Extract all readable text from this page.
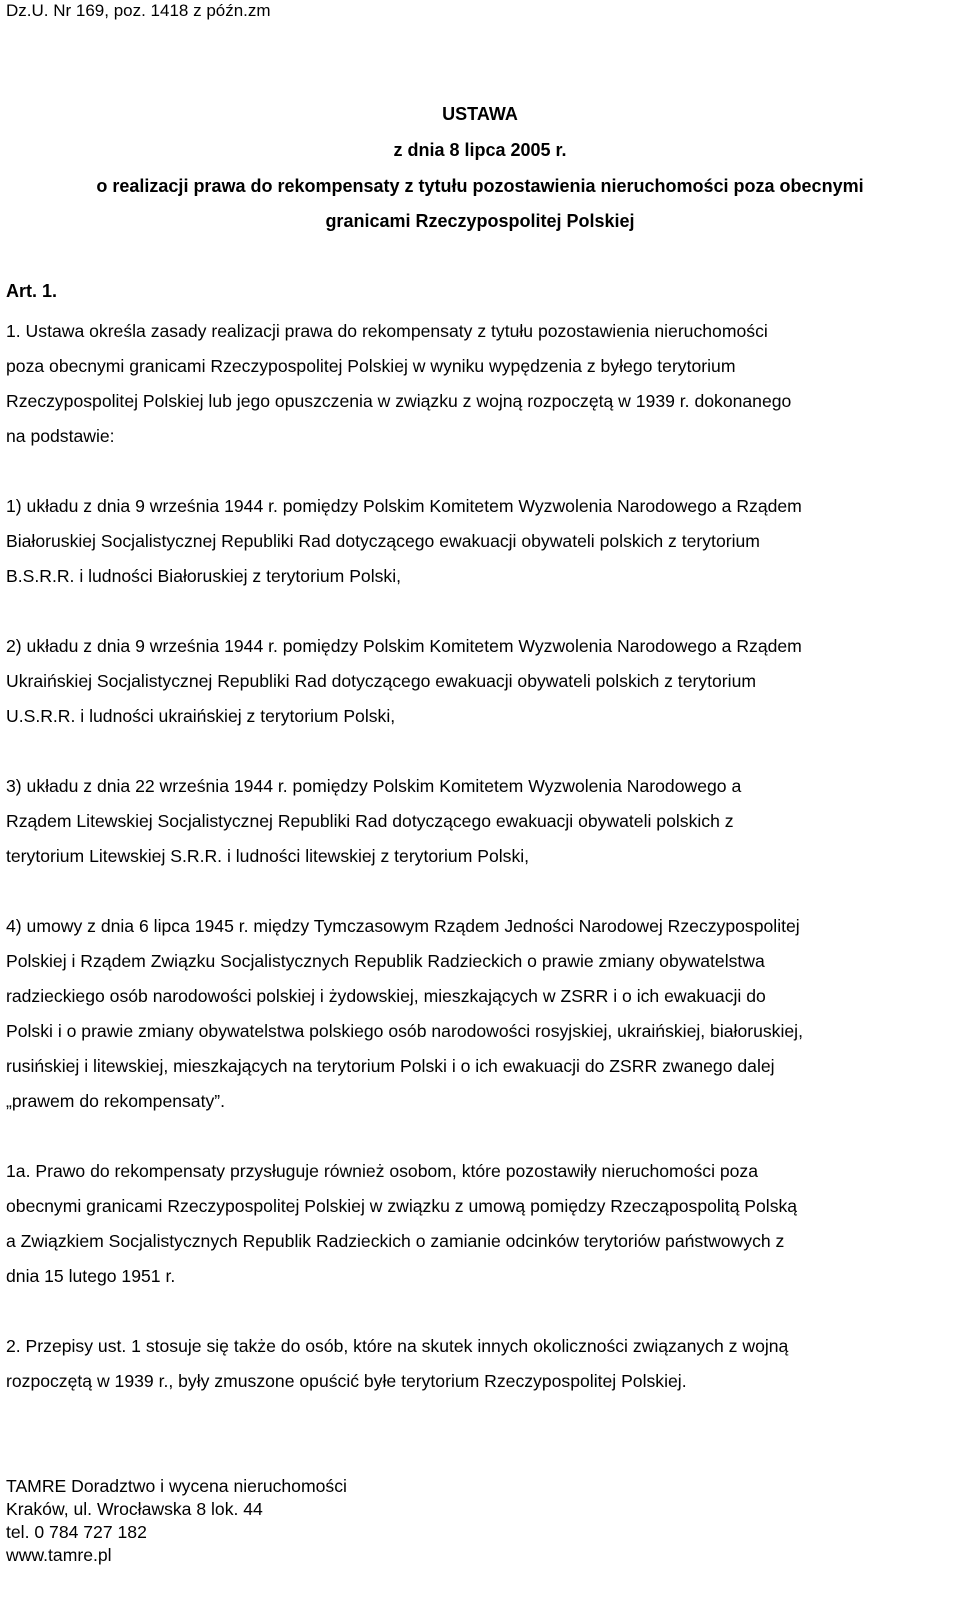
Dz.U. Nr 169, poz. 1418 z późn.zm
USTAWA
z dnia 8 lipca 2005 r.
o realizacji prawa do rekompensaty z tytułu pozostawienia nieruchomości poza obecnymi
granicami Rzeczypospolitej Polskiej
Art. 1.

1. Ustawa określa zasady realizacji prawa do rekompensaty z tytułu pozostawienia nieruchomości

poza obecnymi granicami Rzeczypospolitej Polskiej w wyniku wypędzenia z byłego terytorium

Rzeczypospolitej Polskiej lub jego opuszczenia w związku z wojną rozpoczętą w 1939 r. dokonanego

na podstawie:

1) układu z dnia 9 września 1944 r. pomiędzy Polskim Komitetem Wyzwolenia Narodowego a Rządem

Białoruskiej Socjalistycznej Republiki Rad dotyczącego ewakuacji obywateli polskich z terytorium

B.S.R.R. i ludności Białoruskiej z terytorium Polski,

2) układu z dnia 9 września 1944 r. pomiędzy Polskim Komitetem Wyzwolenia Narodowego a Rządem

Ukraińskiej Socjalistycznej Republiki Rad dotyczącego ewakuacji obywateli polskich z terytorium

U.S.R.R. i ludności ukraińskiej z terytorium Polski,

3) układu z dnia 22 września 1944 r. pomiędzy Polskim Komitetem Wyzwolenia Narodowego a

Rządem Litewskiej Socjalistycznej Republiki Rad dotyczącego ewakuacji obywateli polskich z

terytorium Litewskiej S.R.R. i ludności litewskiej z terytorium Polski,

4) umowy z dnia 6 lipca 1945 r. między Tymczasowym Rządem Jedności Narodowej Rzeczypospolitej

Polskiej i Rządem Związku Socjalistycznych Republik Radzieckich o prawie zmiany obywatelstwa

radzieckiego osób narodowości polskiej i żydowskiej, mieszkających w ZSRR i o ich ewakuacji do

Polski i o prawie zmiany obywatelstwa polskiego osób narodowości rosyjskiej, ukraińskiej, białoruskiej,

rusińskiej i litewskiej, mieszkających na terytorium Polski i o ich ewakuacji do ZSRR zwanego dalej

„prawem do rekompensaty”.

1a. Prawo do rekompensaty przysługuje również osobom, które pozostawiły nieruchomości poza

obecnymi granicami Rzeczypospolitej Polskiej w związku z umową pomiędzy Rzecząpospolitą Polską

a Związkiem Socjalistycznych Republik Radzieckich o zamianie odcinków terytoriów państwowych z

dnia 15 lutego 1951 r.

2. Przepisy ust. 1 stosuje się także do osób, które na skutek innych okoliczności związanych z wojną

rozpoczętą w 1939 r., były zmuszone opuścić byłe terytorium Rzeczypospolitej Polskiej.

TAMRE Doradztwo i wycena nieruchomości
Kraków, ul. Wrocławska 8 lok. 44
tel. 0 784 727 182
www.tamre.pl
